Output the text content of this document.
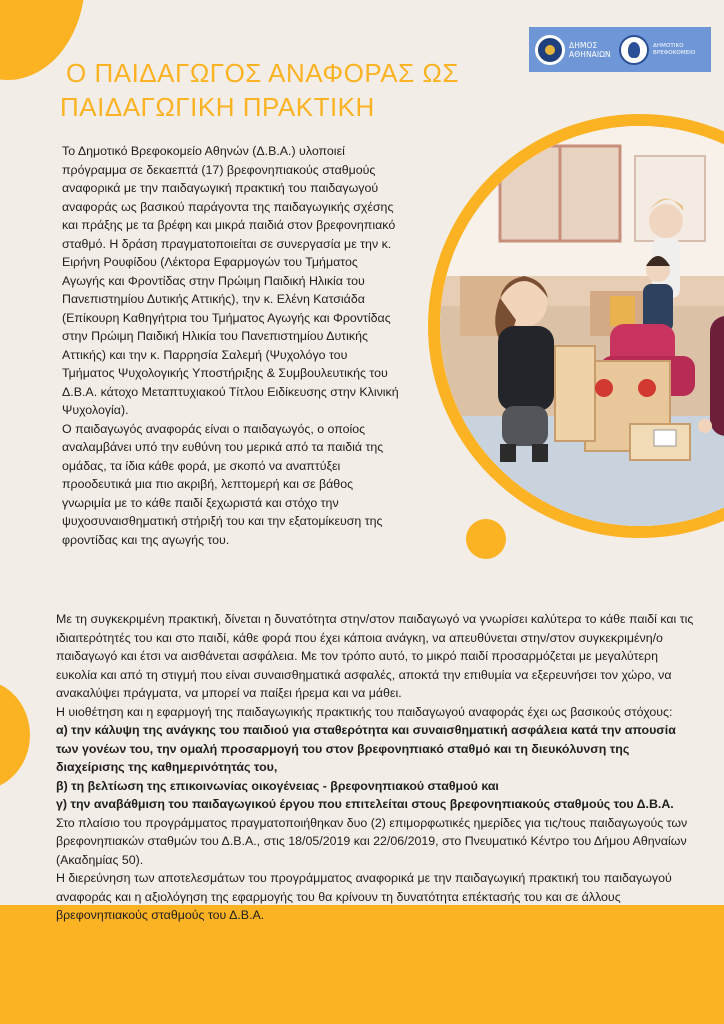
ΔΗΜΟΣ ΑΘΗΝΑΙΩΝ
ΔΗΜΟΤΙΚΟ ΒΡΕΦΟΚΟΜΕΙΟ
Ο ΠΑΙΔΑΓΩΓΟΣ ΑΝΑΦΟΡΑΣ ΩΣ
ΠΑΙΔΑΓΩΓΙΚΗ ΠΡΑΚΤΙΚΗ
Το Δημοτικό Βρεφοκομείο Αθηνών (Δ.Β.Α.) υλοποιεί πρόγραμμα σε δεκαεπτά (17) βρεφονηπιακούς σταθμούς αναφορικά με την παιδαγωγική πρακτική του παιδαγωγού αναφοράς ως βασικού παράγοντα της παιδαγωγικής σχέσης και πράξης με τα βρέφη και μικρά παιδιά στον βρεφονηπιακό σταθμό. Η δράση πραγματοποιείται σε συνεργασία με την κ. Ειρήνη Ρουφίδου (Λέκτορα Εφαρμογών του Τμήματος Αγωγής και Φροντίδας στην Πρώιμη Παιδική Ηλικία του Πανεπιστημίου Δυτικής Αττικής), την κ. Ελένη Κατσιάδα (Επίκουρη Καθηγήτρια του Τμήματος Αγωγής και Φροντίδας στην Πρώιμη Παιδική Ηλικία του Πανεπιστημίου Δυτικής Αττικής) και την κ. Παρρησία Σαλεμή (Ψυχολόγο του Τμήματος Ψυχολογικής Υποστήριξης & Συμβουλευτικής του Δ.Β.Α. κάτοχο Μεταπτυχιακού Τίτλου Ειδίκευσης στην Κλινική Ψυχολογία).
Ο παιδαγωγός αναφοράς είναι ο παιδαγωγός, ο οποίος αναλαμβάνει υπό την ευθύνη του μερικά από τα παιδιά της ομάδας, τα ίδια κάθε φορά, με σκοπό να αναπτύξει προοδευτικά μια πιο ακριβή, λεπτομερή και σε βάθος γνωριμία με το κάθε παιδί ξεχωριστά και στόχο την ψυχοσυναισθηματική στήριξή του και την εξατομίκευση της φροντίδας και της αγωγής του.

Με τη συγκεκριμένη πρακτική, δίνεται η δυνατότητα στην/στον παιδαγωγό να γνωρίσει καλύτερα το κάθε παιδί και τις ιδιαιτερότητές του και στο παιδί, κάθε φορά που έχει κάποια ανάγκη, να απευθύνεται στην/στον συγκεκριμένη/ο παιδαγωγό και έτσι να αισθάνεται ασφάλεια. Με τον τρόπο αυτό, το μικρό παιδί προσαρμόζεται με μεγαλύτερη ευκολία και από τη στιγμή που είναι συναισθηματικά ασφαλές, αποκτά την επιθυμία να εξερευνήσει τον χώρο, να ανακαλύψει πράγματα, να μπορεί να παίξει ήρεμα και να μάθει.

Η υιοθέτηση και η εφαρμογή της παιδαγωγικής πρακτικής του παιδαγωγού αναφοράς έχει ως βασικούς στόχους:

α) την κάλυψη της ανάγκης του παιδιού για σταθερότητα και συναισθηματική ασφάλεια κατά την απουσία των γονέων του, την ομαλή προσαρμογή του στον βρεφονηπιακό σταθμό και τη διευκόλυνση της διαχείρισης της καθημερινότητάς του,

β) τη βελτίωση της επικοινωνίας οικογένειας - βρεφονηπιακού σταθμού και

γ) την αναβάθμιση του παιδαγωγικού έργου που επιτελείται στους βρεφονηπιακούς σταθμούς του Δ.Β.Α.

Στο πλαίσιο του προγράμματος πραγματοποιήθηκαν δυο (2) επιμορφωτικές ημερίδες για τις/τους παιδαγωγούς των βρεφονηπιακών σταθμών του Δ.Β.Α., στις 18/05/2019 και 22/06/2019, στο Πνευματικό Κέντρο του Δήμου Αθηναίων (Ακαδημίας 50).

Η διερεύνηση των αποτελεσμάτων του προγράμματος αναφορικά με την παιδαγωγική πρακτική του παιδαγωγού αναφοράς και η αξιολόγηση της εφαρμογής του θα κρίνουν τη δυνατότητα επέκτασής του και σε άλλους βρεφονηπιακούς σταθμούς του Δ.Β.Α.
